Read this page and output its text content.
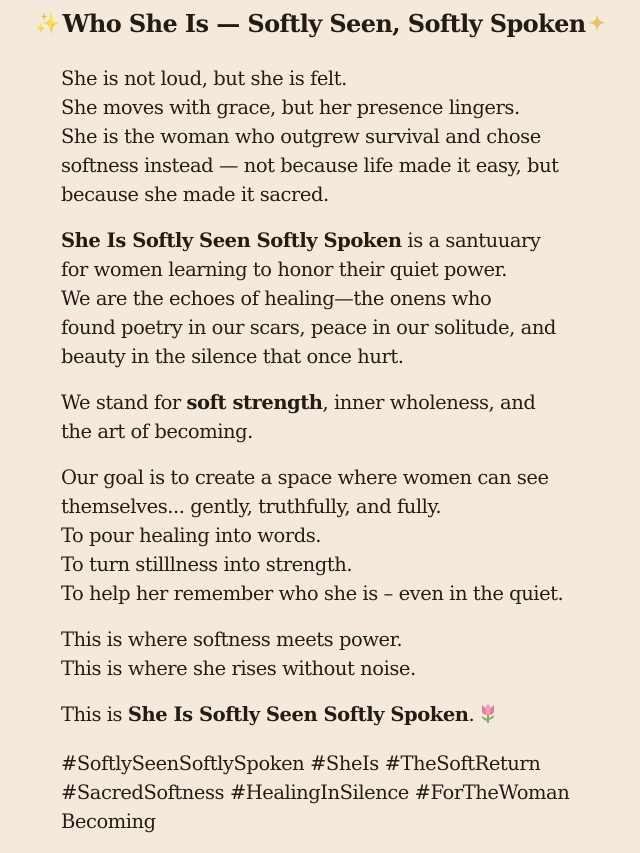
✨ Who She Is — Softly Seen, Softly Spoken ✦
She is not loud, but she is felt.
She moves with grace, but her presence lingers.
She is the woman who outgrew survival and chose
softness instead — not because life made it easy, but
because she made it sacred.
She Is Softly Seen Softly Spoken is a santuuary
for women learning to honor their quiet power.
We are the echoes of healing—the onens who
found poetry in our scars, peace in our solitude, and
beauty in the silence that once hurt.
We stand for soft strength, inner wholeness, and
the art of becoming.
Our goal is to create a space where women can see
themselves... gently, truthfully, and fully.
To pour healing into words.
To turn stilllness into strength.
To help her remember who she is – even in the quiet.
This is where softness meets power.
This is where she rises without noise.
This is She Is Softly Seen Softly Spoken.
#SoftlySeenSoftlySpoken #SheIs #TheSoftReturn
#SacredSoftness #HealingInSilence #ForTheWoman
Becoming
